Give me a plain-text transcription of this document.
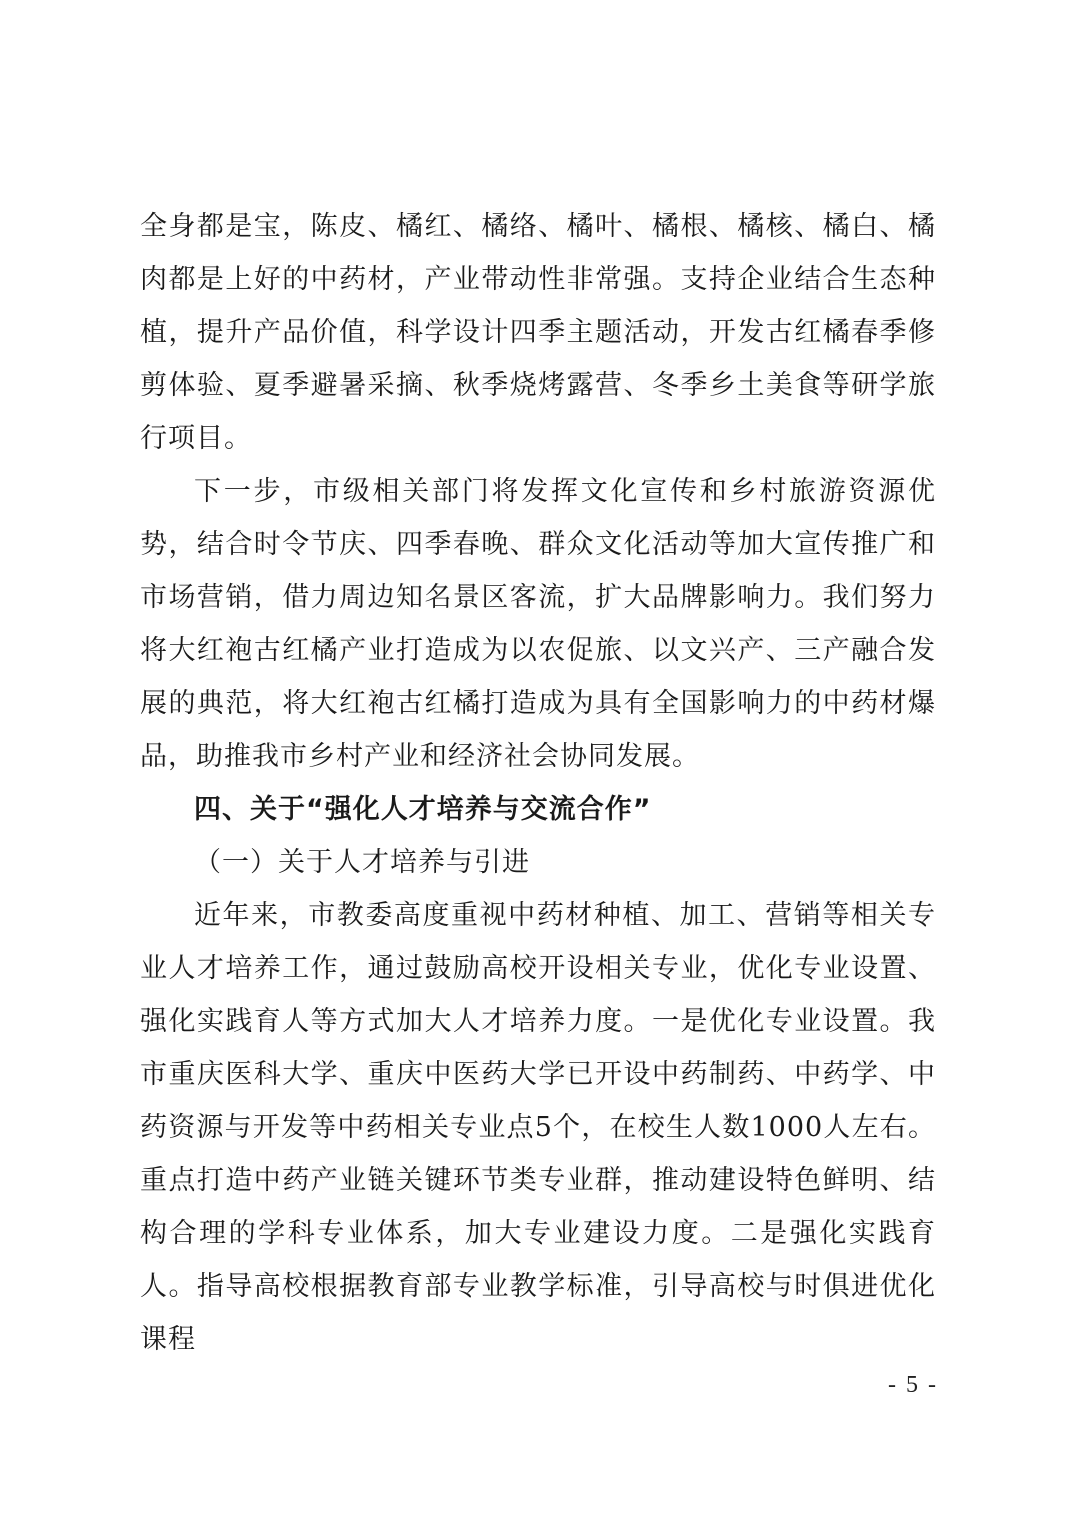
全身都是宝，陈皮、橘红、橘络、橘叶、橘根、橘核、橘白、橘肉都是上好的中药材，产业带动性非常强。支持企业结合生态种植，提升产品价值，科学设计四季主题活动，开发古红橘春季修剪体验、夏季避暑采摘、秋季烧烤露营、冬季乡土美食等研学旅行项目。

下一步，市级相关部门将发挥文化宣传和乡村旅游资源优势，结合时令节庆、四季春晚、群众文化活动等加大宣传推广和市场营销，借力周边知名景区客流，扩大品牌影响力。我们努力将大红袍古红橘产业打造成为以农促旅、以文兴产、三产融合发展的典范，将大红袍古红橘打造成为具有全国影响力的中药材爆品，助推我市乡村产业和经济社会协同发展。

四、关于“强化人才培养与交流合作”

（一）关于人才培养与引进

近年来，市教委高度重视中药材种植、加工、营销等相关专业人才培养工作，通过鼓励高校开设相关专业，优化专业设置、强化实践育人等方式加大人才培养力度。一是优化专业设置。我市重庆医科大学、重庆中医药大学已开设中药制药、中药学、中药资源与开发等中药相关专业点5个，在校生人数1000人左右。重点打造中药产业链关键环节类专业群，推动建设特色鲜明、结构合理的学科专业体系，加大专业建设力度。二是强化实践育人。指导高校根据教育部专业教学标准，引导高校与时俱进优化课程

- 5 -
